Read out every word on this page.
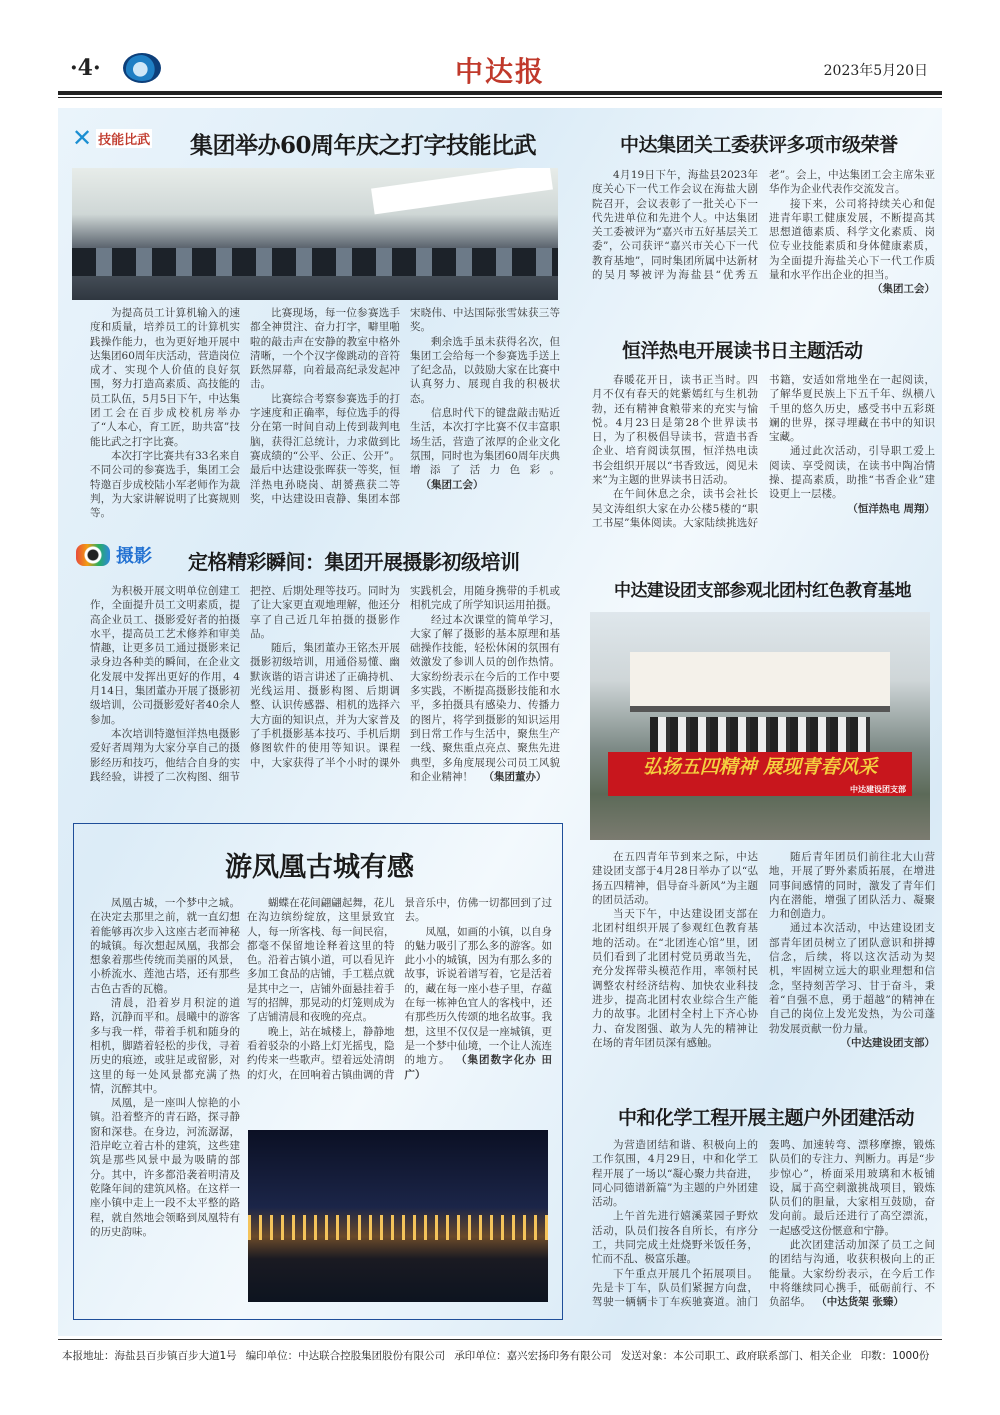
·4·	中达报	2023年5月20日
✕ 技能比武 集团举办60周年庆之打字技能比武

为提高员工计算机输入的速度和质量，培养员工的计算机实践操作能力，也为更好地开展中达集团60周年庆活动，营造岗位成才、实现个人价值的良好氛围，努力打造高素质、高技能的员工队伍，5月5日下午，中达集团工会在百步成校机房举办了“人本心，育工匠，助共富”技能比武之打字比赛。

本次打字比赛共有33名来自不同公司的参赛选手，集团工会特邀百步成校陆小军老师作为裁判，为大家讲解说明了比赛规则等。

比赛现场，每一位参赛选手都全神贯注、奋力打字，噼里啪啦的敲击声在安静的教室中格外清晰，一个个汉字像跳动的音符跃然屏幕，向着最高纪录发起冲击。

比赛综合考察参赛选手的打字速度和正确率，每位选手的得分在第一时间自动上传到裁判电脑，获得汇总统计，力求做到比赛成绩的“公平、公正、公开”。最后中达建设张晖获一等奖，恒洋热电孙晓岗、胡赟燕获二等奖，中达建设田袁静、集团本部宋晓伟、中达国际张雪妹获三等奖。

剩余选手虽未获得名次，但集团工会给每一个参赛选手送上了纪念品，以鼓励大家在比赛中认真努力、展现自我的积极状态。

信息时代下的键盘敲击贴近生活，本次打字比赛不仅丰富职场生活，营造了浓厚的企业文化氛围，同时也为集团60周年庆典增添了活力色彩。（集团工会）

摄影 定格精彩瞬间：集团开展摄影初级培训

为积极开展文明单位创建工作，全面提升员工文明素质，提高企业员工、摄影爱好者的拍摄水平，提高员工艺术修养和审美情趣，让更多员工通过摄影来记录身边各种美的瞬间，在企业文化发展中发挥出更好的作用，4月14日，集团董办开展了摄影初级培训，公司摄影爱好者40余人参加。

本次培训特邀恒洋热电摄影爱好者周翔为大家分享自己的摄影经历和技巧，他结合自身的实践经验，讲授了二次构图、细节把控、后期处理等技巧。同时为了让大家更直观地理解，他还分享了自己近几年拍摄的摄影作品。

随后，集团董办王铭杰开展摄影初级培训，用通俗易懂、幽默诙谐的语言讲述了正确持机、光线运用、摄影构图、后期调整、认识传感器、相机的选择六大方面的知识点，并为大家普及了手机摄影基本技巧、手机后期修图软件的使用等知识。课程中，大家获得了半个小时的课外实践机会，用随身携带的手机或相机完成了所学知识运用拍摄。

经过本次课堂的简单学习，大家了解了摄影的基本原理和基础操作技能，轻松休闲的氛围有效激发了参训人员的创作热情。大家纷纷表示在今后的工作中要多实践，不断提高摄影技能和水平，多拍摄具有感染力、传播力的图片，将学到摄影的知识运用到日常工作与生活中，聚焦生产一线、聚焦重点亮点、聚焦先进典型，多角度展现公司员工风貌和企业精神！ （集团董办）

游凤凰古城有感

凤凰古城，一个梦中之城。在决定去那里之前，就一直幻想着能够再次步入这座古老而神秘的城镇。每次想起凤凰，我都会想象着那些传统而美丽的风景，小桥流水、莲池古塔，还有那些古色古香的瓦檐。

清晨，沿着岁月积淀的道路，沉静而平和。晨曦中的游客多与我一样，带着手机和随身的相机，脚踏着轻松的步伐，寻着历史的痕迹，或驻足或留影，对这里的每一处风景都充满了热情，沉醉其中。

凤凰，是一座叫人惊艳的小镇。沿着整齐的青石路，探寻静窗和深巷。在身边，河流潺潺，沿岸屹立着古朴的建筑，这些建筑是那些风景中最为吸睛的部分。其中，许多都沿袭着明清及乾隆年间的建筑风格。在这样一座小镇中走上一段不太平整的路程，就自然地会领略到凤凰特有的历史韵味。

蝴蝶在花间翩翩起舞，花儿在沟边缤纷绽放，这里景致宜人，每一所客栈、每一间民宿，都毫不保留地诠释着这里的特色。沿着古镇小道，可以看见许多加工食品的店铺，手工糕点就是其中之一，店铺外面悬挂着手写的招牌，那晃动的灯笼则成为了店铺清晨和夜晚的亮点。

晚上，站在城楼上，静静地看着驳杂的小路上灯光摇曳，隐约传来一些歌声。望着远处清朗的灯火，在回响着古镇曲调的背景音乐中，仿佛一切都回到了过去。

凤凰，如画的小镇，以自身的魅力吸引了那么多的游客。如此小小的城镇，因为有那么多的故事，诉说着谱写着，它是活着的，藏在每一座小巷子里，存蕴在每一栋神色宜人的客栈中，还有那些历久传颂的地名故事。我想，这里不仅仅是一座城镇，更是一个梦中仙境，一个让人流连的地方。 （集团数字化办 田广）

中达集团关工委获评多项市级荣誉

4月19日下午，海盐县2023年度关心下一代工作会议在海盐大剧院召开，会议表彰了一批关心下一代先进单位和先进个人。中达集团关工委被评为“嘉兴市五好基层关工委”，公司获评“嘉兴市关心下一代教育基地”，同时集团所属中达新材的吴月琴被评为海盐县“优秀五老”。会上，中达集团工会主席朱亚华作为企业代表作交流发言。

接下来，公司将持续关心和促进青年职工健康发展，不断提高其思想道德素质、科学文化素质、岗位专业技能素质和身体健康素质，为全面提升海盐关心下一代工作质量和水平作出企业的担当。

（集团工会）
恒洋热电开展读书日主题活动

春暖花开日，读书正当时。四月不仅有春天的姹紫嫣红与生机勃勃，还有精神食粮带来的充实与愉悦。4月23日是第28个世界读书日，为了积极倡导读书，营造书香企业、培育阅读氛围，恒洋热电读书会组织开展以“书香致远，阅见未来”为主题的世界读书日活动。

在午间休息之余，读书会社长吴文涛组织大家在办公楼5楼的“职工书屋”集体阅读。大家陆续挑选好书籍，安适如常地坐在一起阅读，了解华夏民族上下五千年、纵横八千里的悠久历史，感受书中五彩斑斓的世界，探寻埋藏在书中的知识宝藏。

通过此次活动，引导职工爱上阅读、享受阅读，在读书中陶冶情操、提高素质，助推“书香企业”建设更上一层楼。

（恒洋热电 周翔）
中达建设团支部参观北团村红色教育基地
弘扬五四精神 展现青春风采
中达建设团支部

在五四青年节到来之际，中达建设团支部于4月28日举办了以“弘扬五四精神，倡导奋斗新风”为主题的团员活动。

当天下午，中达建设团支部在北团村组织开展了参观红色教育基地的活动。在“北团连心馆”里，团员们看到了北团村党员勇敢当先，充分发挥带头模范作用，率领村民调整农村经济结构、加快农业科技进步，提高北团村农业综合生产能力的故事。北团村全村上下齐心协力、奋发图强、敢为人先的精神让在场的青年团员深有感触。

随后青年团员们前往北大山营地，开展了野外素质拓展，在增进同事间感情的同时，激发了青年们内在潜能，增强了团队活力、凝聚力和创造力。

通过本次活动，中达建设团支部青年团员树立了团队意识和拼搏信念，后续，将以这次活动为契机，牢固树立远大的职业理想和信念，坚持刻苦学习、甘于奋斗，秉着“自强不息，勇于超越”的精神在自己的岗位上发光发热，为公司蓬勃发展贡献一份力量。

（中达建设团支部）
中和化学工程开展主题户外团建活动

为营造团结和谐、积极向上的工作氛围，4月29日，中和化学工程开展了一场以“凝心聚力共奋进，同心同德谱新篇”为主题的户外团建活动。

上午首先进行嬉溪菜园子野炊活动，队员们按各自所长，有序分工，共同完成土灶烧野米饭任务，忙而不乱、极富乐趣。

下午重点开展几个拓展项目。先是卡丁车，队员们紧握方向盘，驾驶一辆辆卡丁车疾驰赛道。油门轰鸣、加速转弯、漂移摩擦，锻炼队员们的专注力、判断力。再是“步步惊心”，桥面采用玻璃和木板铺设，属于高空刺激挑战项目，锻炼队员们的胆量，大家相互鼓励，奋发向前。最后还进行了高空漂流，一起感受这份惬意和宁静。

此次团建活动加深了员工之间的团结与沟通，收获积极向上的正能量。大家纷纷表示，在今后工作中将继续同心携手，砥砺前行、不负韶华。 （中达货架 张臻）

本报地址：海盐县百步镇百步大道1号 编印单位：中达联合控股集团股份有限公司 承印单位：嘉兴宏扬印务有限公司 发送对象：本公司职工、政府联系部门、相关企业 印数：1000份
